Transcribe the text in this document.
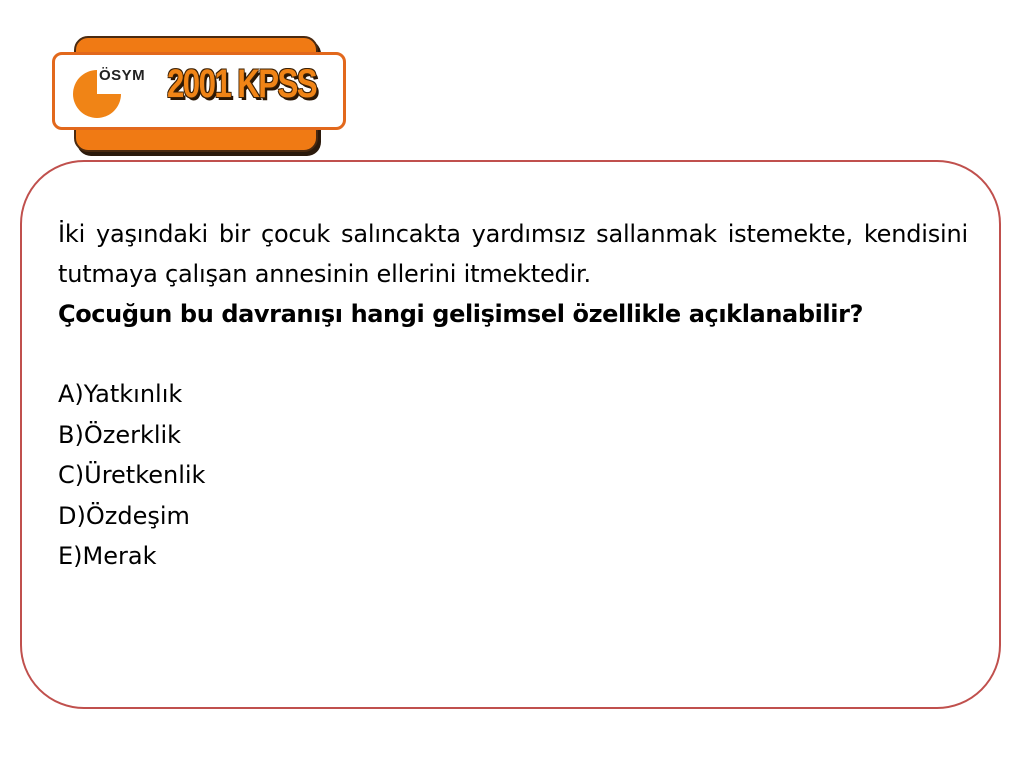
ÖSYM 2001 KPSS

İki yaşındaki bir çocuk salıncakta yardımsız sallanmak istemekte, kendisini tutmaya çalışan annesinin ellerini itmektedir.

Çocuğun bu davranışı hangi gelişimsel özellikle açıklanabilir?

A)Yatkınlık
B)Özerklik
C)Üretkenlik
D)Özdeşim
E)Merak
